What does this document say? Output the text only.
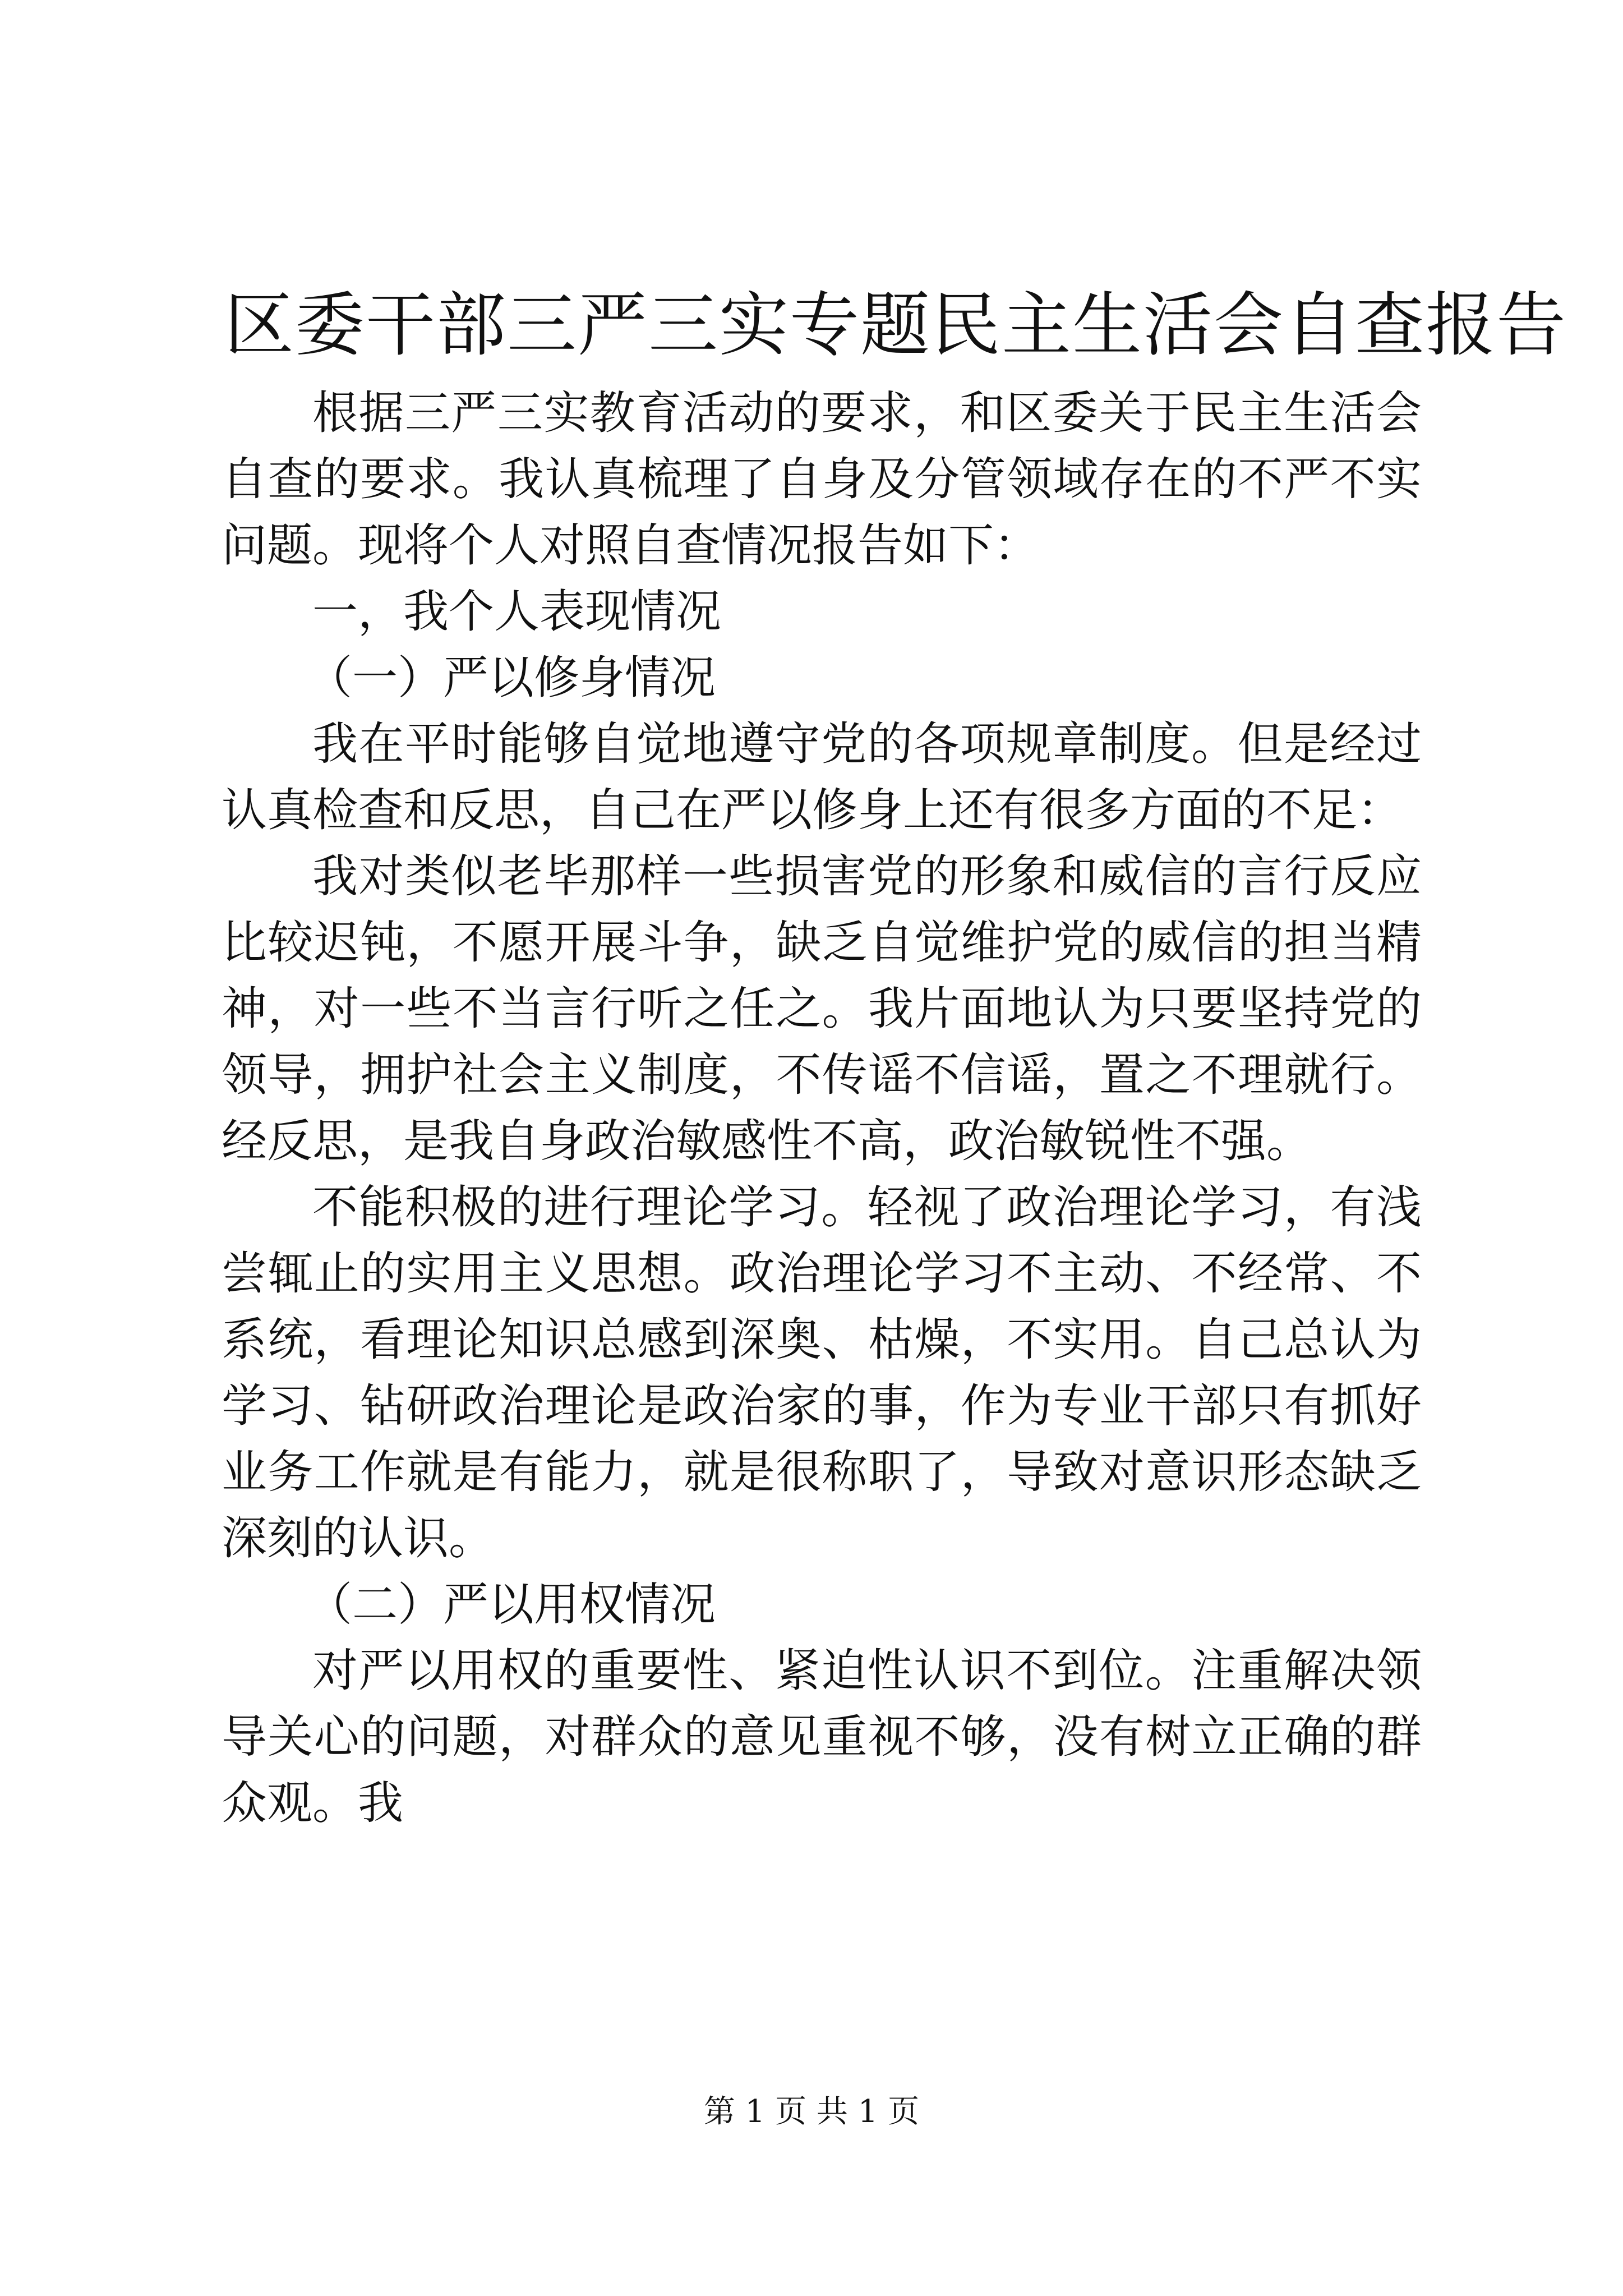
区委干部三严三实专题民主生活会自查报告

根据三严三实教育活动的要求，和区委关于民主生活会自查的要求。我认真梳理了自身及分管领域存在的不严不实问题。现将个人对照自查情况报告如下：

一，我个人表现情况

（一）严以修身情况

我在平时能够自觉地遵守党的各项规章制度。但是经过认真检查和反思，自己在严以修身上还有很多方面的不足：

我对类似老毕那样一些损害党的形象和威信的言行反应比较迟钝，不愿开展斗争，缺乏自觉维护党的威信的担当精神，对一些不当言行听之任之。我片面地认为只要坚持党的领导，拥护社会主义制度，不传谣不信谣，置之不理就行。经反思，是我自身政治敏感性不高，政治敏锐性不强。

不能积极的进行理论学习。轻视了政治理论学习，有浅尝辄止的实用主义思想。政治理论学习不主动、不经常、不系统，看理论知识总感到深奥、枯燥，不实用。自己总认为学习、钻研政治理论是政治家的事，作为专业干部只有抓好业务工作就是有能力，就是很称职了，导致对意识形态缺乏深刻的认识。

（二）严以用权情况

对严以用权的重要性、紧迫性认识不到位。注重解决领导关心的问题，对群众的意见重视不够，没有树立正确的群众观。我

第 1 页 共 1 页
